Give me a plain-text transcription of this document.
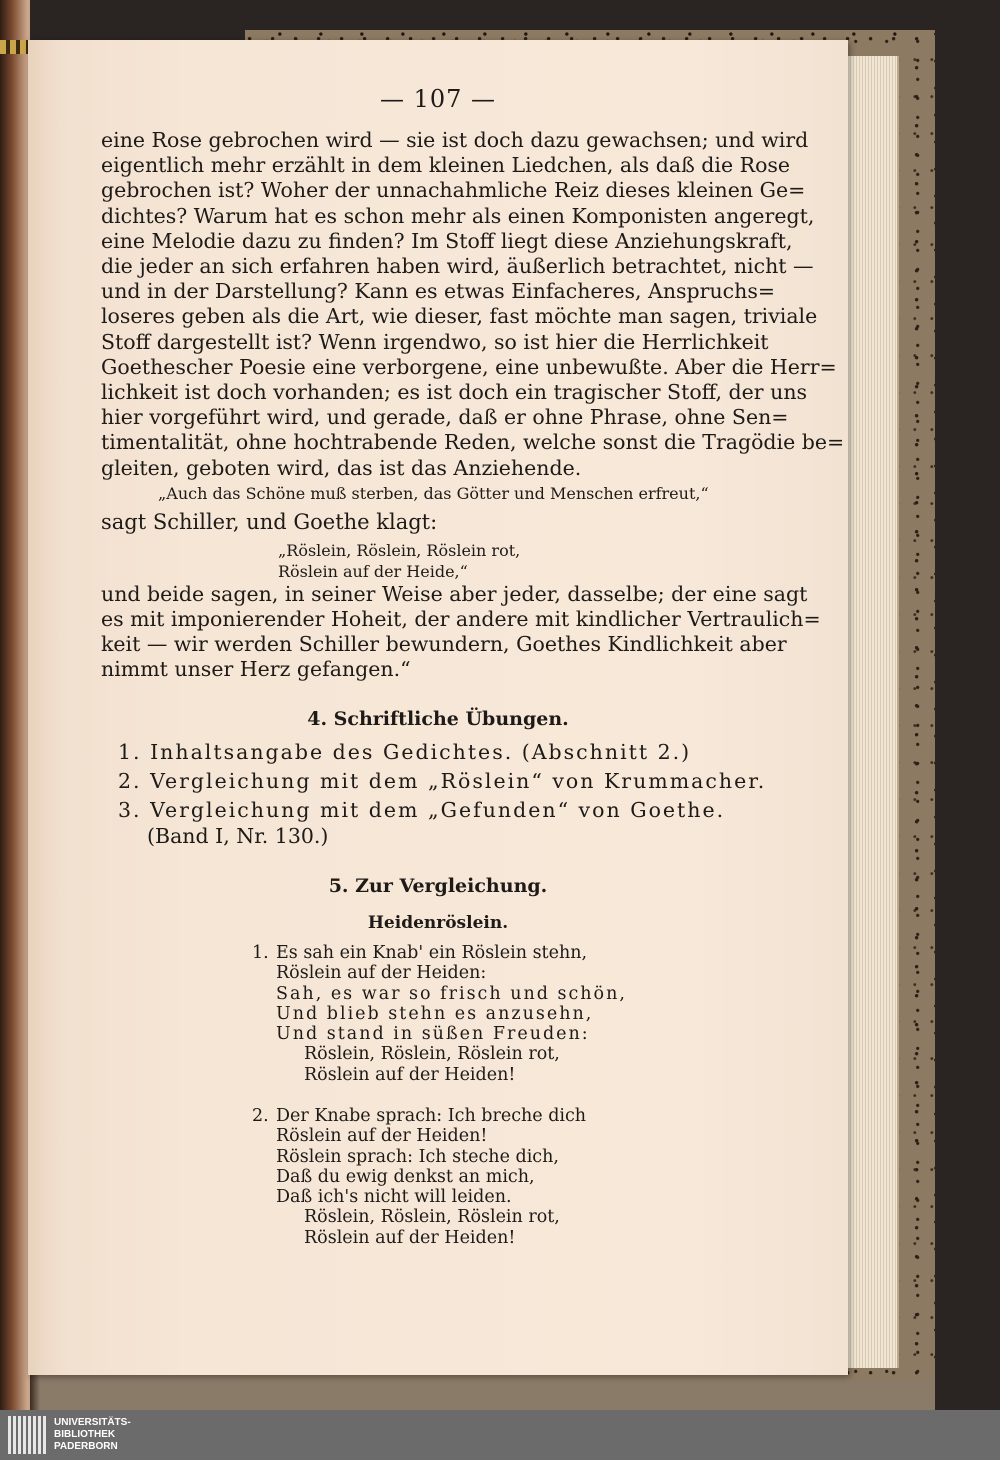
— 107 —
eine Rose gebrochen wird — sie ist doch dazu gewachsen; und wird
eigentlich mehr erzählt in dem kleinen Liedchen, als daß die Rose
gebrochen ist? Woher der unnachahmliche Reiz dieses kleinen Ge=
dichtes? Warum hat es schon mehr als einen Komponisten angeregt,
eine Melodie dazu zu finden? Im Stoff liegt diese Anziehungskraft,
die jeder an sich erfahren haben wird, äußerlich betrachtet, nicht —
und in der Darstellung? Kann es etwas Einfacheres, Anspruchs=
loseres geben als die Art, wie dieser, fast möchte man sagen, triviale
Stoff dargestellt ist? Wenn irgendwo, so ist hier die Herrlichkeit
Goethescher Poesie eine verborgene, eine unbewußte. Aber die Herr=
lichkeit ist doch vorhanden; es ist doch ein tragischer Stoff, der uns
hier vorgeführt wird, und gerade, daß er ohne Phrase, ohne Sen=
timentalität, ohne hochtrabende Reden, welche sonst die Tragödie be=
gleiten, geboten wird, das ist das Anziehende.
„Auch das Schöne muß sterben, das Götter und Menschen erfreut,“
sagt Schiller, und Goethe klagt:
„Röslein, Röslein, Röslein rot,
Röslein auf der Heide,“
und beide sagen, in seiner Weise aber jeder, dasselbe; der eine sagt
es mit imponierender Hoheit, der andere mit kindlicher Vertraulich=
keit — wir werden Schiller bewundern, Goethes Kindlichkeit aber
nimmt unser Herz gefangen.“
4. Schriftliche Übungen.
1. Inhaltsangabe des Gedichtes. (Abschnitt 2.)
2. Vergleichung mit dem „Röslein“ von Krummacher.
3. Vergleichung mit dem „Gefunden“ von Goethe.
(Band I, Nr. 130.)
5. Zur Vergleichung.
Heidenröslein.
1. Es sah ein Knab' ein Röslein stehn,
Röslein auf der Heiden:
Sah, es war so frisch und schön,
Und blieb stehn es anzusehn,
Und stand in süßen Freuden:
Röslein, Röslein, Röslein rot,
Röslein auf der Heiden!
2. Der Knabe sprach: Ich breche dich
Röslein auf der Heiden!
Röslein sprach: Ich steche dich,
Daß du ewig denkst an mich,
Daß ich's nicht will leiden.
Röslein, Röslein, Röslein rot,
Röslein auf der Heiden!
UNIVERSITÄTS-
BIBLIOTHEK
PADERBORN
